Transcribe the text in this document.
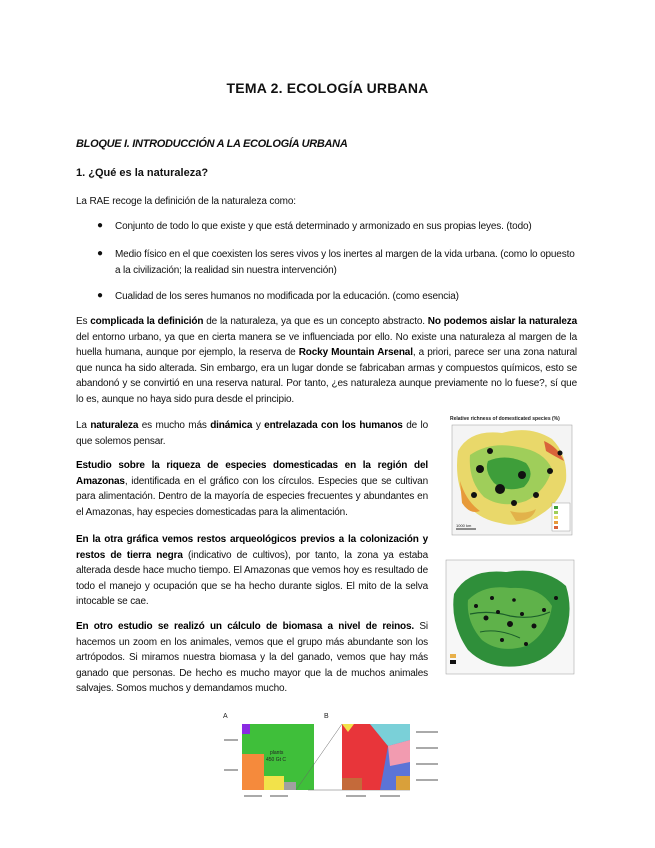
TEMA 2. ECOLOGÍA URBANA
BLOQUE I. INTRODUCCIÓN A LA ECOLOGÍA URBANA
1. ¿Qué es la naturaleza?
La RAE recoge la definición de la naturaleza como:
● Conjunto de todo lo que existe y que está determinado y armonizado en sus propias leyes. (todo)
● Medio físico en el que coexisten los seres vivos y los inertes al margen de la vida urbana. (como lo opuesto a la civilización; la realidad sin nuestra intervención)
● Cualidad de los seres humanos no modificada por la educación. (como esencia)
Es complicada la definición de la naturaleza, ya que es un concepto abstracto. No podemos aislar la naturaleza del entorno urbano, ya que en cierta manera se ve influenciada por ello. No existe una naturaleza al margen de la huella humana, aunque por ejemplo, la reserva de Rocky Mountain Arsenal, a priori, parece ser una zona natural que nunca ha sido alterada. Sin embargo, era un lugar donde se fabricaban armas y compuestos químicos, esto se abandonó y se convirtió en una reserva natural. Por tanto, ¿es naturaleza aunque previamente no lo fuese?, sí que lo es, aunque no haya sido pura desde el principio.
La naturaleza es mucho más dinámica y entrelazada con los humanos de lo que solemos pensar.
Estudio sobre la riqueza de especies domesticadas en la región del Amazonas, identificada en el gráfico con los círculos. Especies que se cultivan para alimentación. Dentro de la mayoría de especies frecuentes y abundantes en el Amazonas, hay especies domesticadas para la alimentación.
En la otra gráfica vemos restos arqueológicos previos a la colonización y restos de tierra negra (indicativo de cultivos), por tanto, la zona ya estaba alterada desde hace mucho tiempo. El Amazonas que vemos hoy es resultado de todo el manejo y ocupación que se ha hecho durante siglos. El mito de la selva intocable se cae.
En otro estudio se realizó un cálculo de biomasa a nivel de reinos. Si hacemos un zoom en los animales, vemos que el grupo más abundante son los artrópodos. Si miramos nuestra biomasa y la del ganado, vemos que hay más ganado que personas. De hecho es mucho mayor que la de muchos animales salvajes. Somos muchos y demandamos mucho.
Relative richness of domesticated species (%)
1000 km
A	B
plants
450 Gt C
